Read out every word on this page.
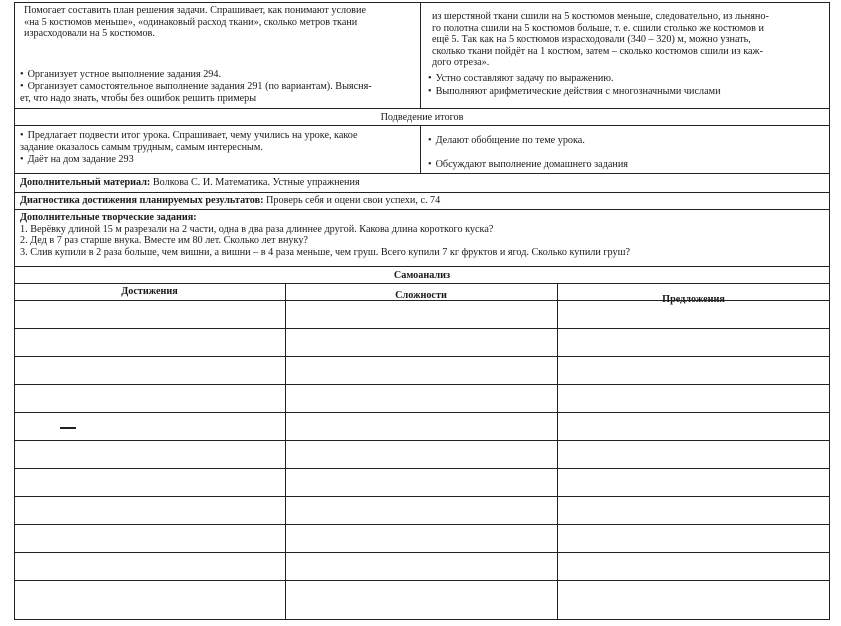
Помогает составить план решения задачи. Спрашивает, как понимают условие
«на 5 костюмов меньше», «одинаковый расход ткани», сколько метров ткани
израсходовали на 5 костюмов.
• Организует устное выполнение задания 294.
• Организует самостоятельное выполнение задания 291 (по вариантам). Выясня-
ет, что надо знать, чтобы без ошибок решить примеры
из шерстяной ткани сшили на 5 костюмов меньше, следовательно, из льняно-
го полотна сшили на 5 костюмов больше, т. е. сшили столько же костюмов и
ещё 5. Так как на 5 костюмов израсходовали (340 – 320) м, можно узнать,
сколько ткани пойдёт на 1 костюм, затем – сколько костюмов сшили из каж-
дого отреза».
• Устно составляют задачу по выражению.
• Выполняют арифметические действия с многозначными числами
Подведение итогов
• Предлагает подвести итог урока. Спрашивает, чему учились на уроке, какое
задание оказалось самым трудным, самым интересным.
• Даёт на дом задание 293
• Делают обобщение по теме урока.
• Обсуждают выполнение домашнего задания
Дополнительный материал: Волкова С. И. Математика. Устные упражнения
Диагностика достижения планируемых результатов: Проверь себя и оцени свои успехи, с. 74
Дополнительные творческие задания:
1. Верёвку длиной 15 м разрезали на 2 части, одна в два раза длиннее другой. Какова длина короткого куска?
2. Дед в 7 раз старше внука. Вместе им 80 лет. Сколько лет внуку?
3. Слив купили в 2 раза больше, чем вишни, а вишни – в 4 раза меньше, чем груш. Всего купили 7 кг фруктов и ягод. Сколько купили груш?
Самоанализ
Достижения	Сложности	Предложения
